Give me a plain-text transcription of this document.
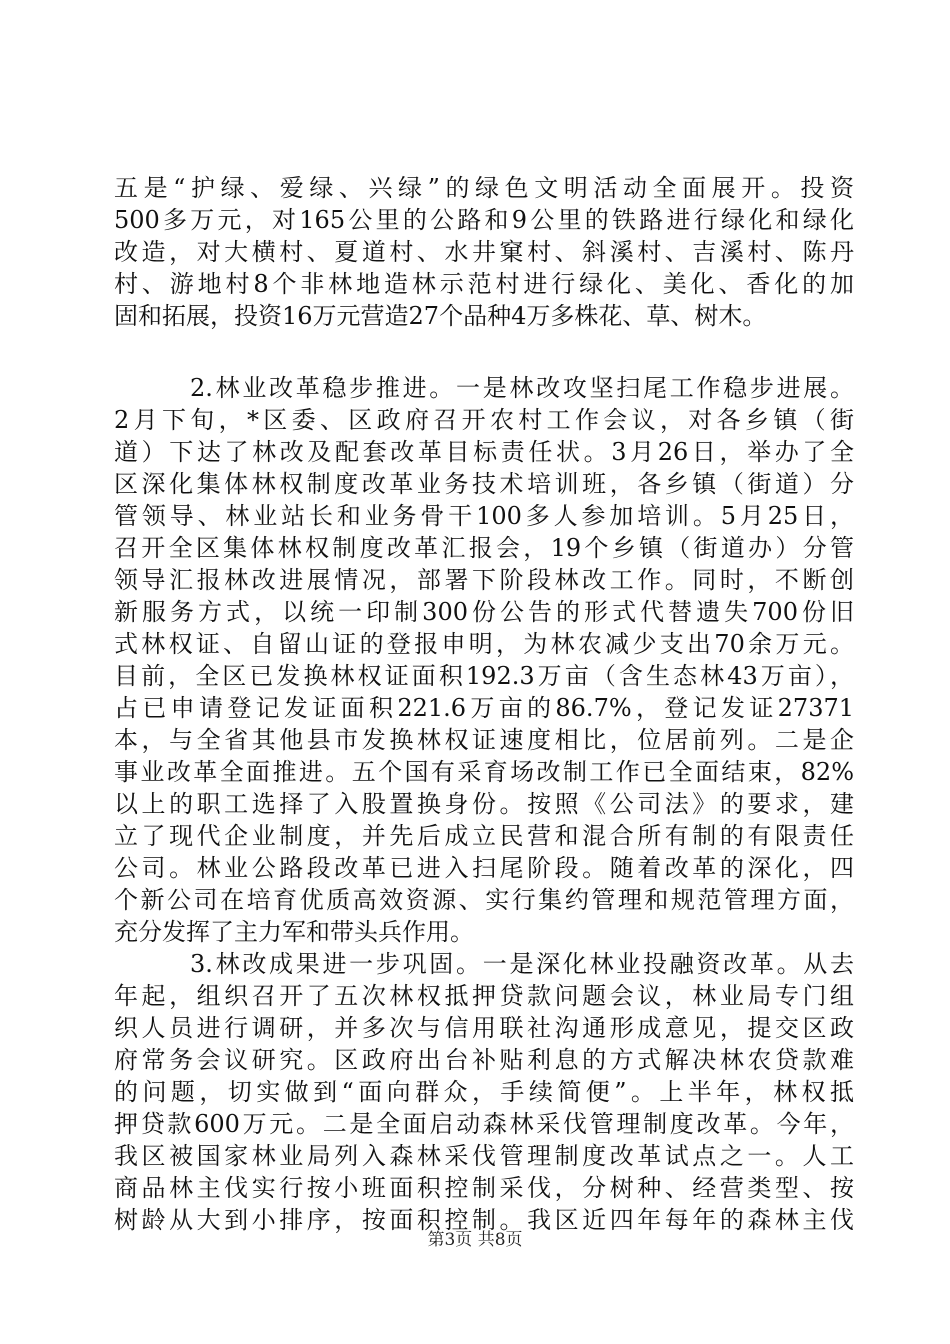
五是“护绿、爱绿、兴绿”的绿色文明活动全面展开。投资
500多万元，对165公里的公路和9公里的铁路进行绿化和绿化
改造，对大横村、夏道村、水井窠村、斜溪村、吉溪村、陈丹
村、游地村8个非林地造林示范村进行绿化、美化、香化的加
固和拓展，投资16万元营造27个品种4万多株花、草、树木。
2.林业改革稳步推进。一是林改攻坚扫尾工作稳步进展。
2月下旬，*区委、区政府召开农村工作会议，对各乡镇（街
道）下达了林改及配套改革目标责任状。3月26日，举办了全
区深化集体林权制度改革业务技术培训班，各乡镇（街道）分
管领导、林业站长和业务骨干100多人参加培训。5月25日，
召开全区集体林权制度改革汇报会，19个乡镇（街道办）分管
领导汇报林改进展情况，部署下阶段林改工作。同时，不断创
新服务方式，以统一印制300份公告的形式代替遗失700份旧
式林权证、自留山证的登报申明，为林农减少支出70余万元。
目前，全区已发换林权证面积192.3万亩（含生态林43万亩），
占已申请登记发证面积221.6万亩的86.7%，登记发证27371
本，与全省其他县市发换林权证速度相比，位居前列。二是企
事业改革全面推进。五个国有采育场改制工作已全面结束，82%
以上的职工选择了入股置换身份。按照《公司法》的要求，建
立了现代企业制度，并先后成立民营和混合所有制的有限责任
公司。林业公路段改革已进入扫尾阶段。随着改革的深化，四
个新公司在培育优质高效资源、实行集约管理和规范管理方面，
充分发挥了主力军和带头兵作用。
3.林改成果进一步巩固。一是深化林业投融资改革。从去
年起，组织召开了五次林权抵押贷款问题会议，林业局专门组
织人员进行调研，并多次与信用联社沟通形成意见，提交区政
府常务会议研究。区政府出台补贴利息的方式解决林农贷款难
的问题，切实做到“面向群众，手续简便”。上半年，林权抵
押贷款600万元。二是全面启动森林采伐管理制度改革。今年，
我区被国家林业局列入森林采伐管理制度改革试点之一。人工
商品林主伐实行按小班面积控制采伐，分树种、经营类型、按
树龄从大到小排序，按面积控制。我区近四年每年的森林主伐
第3页 共8页
